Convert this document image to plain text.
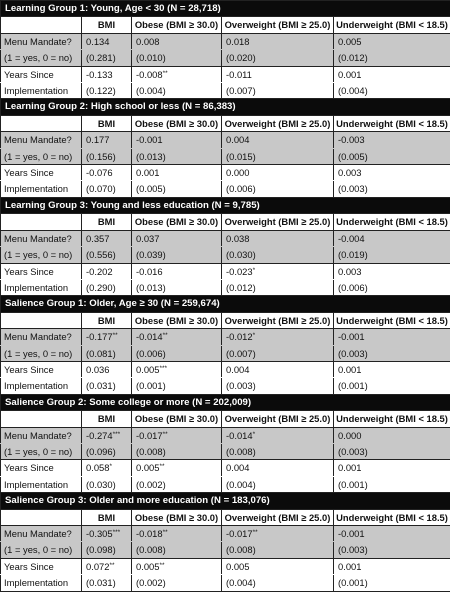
Learning Group 1: Young, Age < 30 (N = 28,718)				
	BMI	Obese (BMI ≥ 30.0)	Overweight (BMI ≥ 25.0)	Underweight (BMI < 18.5)
Menu Mandate?	0.134	0.008	0.018	0.005
(1 = yes, 0 = no)	(0.281)	(0.010)	(0.020)	(0.012)
Years Since	-0.133	-0.008**	-0.011	0.001
Implementation	(0.122)	(0.004)	(0.007)	(0.004)
Learning Group 2: High school or less (N = 86,383)				
	BMI	Obese (BMI ≥ 30.0)	Overweight (BMI ≥ 25.0)	Underweight (BMI < 18.5)
Menu Mandate?	0.177	-0.001	0.004	-0.003
(1 = yes, 0 = no)	(0.156)	(0.013)	(0.015)	(0.005)
Years Since	-0.076	0.001	0.000	0.003
Implementation	(0.070)	(0.005)	(0.006)	(0.003)
Learning Group 3: Young and less education (N = 9,785)				
	BMI	Obese (BMI ≥ 30.0)	Overweight (BMI ≥ 25.0)	Underweight (BMI < 18.5)
Menu Mandate?	0.357	0.037	0.038	-0.004
(1 = yes, 0 = no)	(0.556)	(0.039)	(0.030)	(0.019)
Years Since	-0.202	-0.016	-0.023*	0.003
Implementation	(0.290)	(0.013)	(0.012)	(0.006)
Salience Group 1: Older, Age ≥ 30 (N = 259,674)				
	BMI	Obese (BMI ≥ 30.0)	Overweight (BMI ≥ 25.0)	Underweight (BMI < 18.5)
Menu Mandate?	-0.177**	-0.014**	-0.012*	-0.001
(1 = yes, 0 = no)	(0.081)	(0.006)	(0.007)	(0.003)
Years Since	0.036	0.005***	0.004	0.001
Implementation	(0.031)	(0.001)	(0.003)	(0.001)
Salience Group 2: Some college or more (N = 202,009)				
	BMI	Obese (BMI ≥ 30.0)	Overweight (BMI ≥ 25.0)	Underweight (BMI < 18.5)
Menu Mandate?	-0.274***	-0.017**	-0.014*	0.000
(1 = yes, 0 = no)	(0.096)	(0.008)	(0.008)	(0.003)
Years Since	0.058*	0.005**	0.004	0.001
Implementation	(0.030)	(0.002)	(0.004)	(0.001)
Salience Group 3: Older and more education (N = 183,076)				
	BMI	Obese (BMI ≥ 30.0)	Overweight (BMI ≥ 25.0)	Underweight (BMI < 18.5)
Menu Mandate?	-0.305***	-0.018**	-0.017**	-0.001
(1 = yes, 0 = no)	(0.098)	(0.008)	(0.008)	(0.003)
Years Since	0.072**	0.005**	0.005	0.001
Implementation	(0.031)	(0.002)	(0.004)	(0.001)
